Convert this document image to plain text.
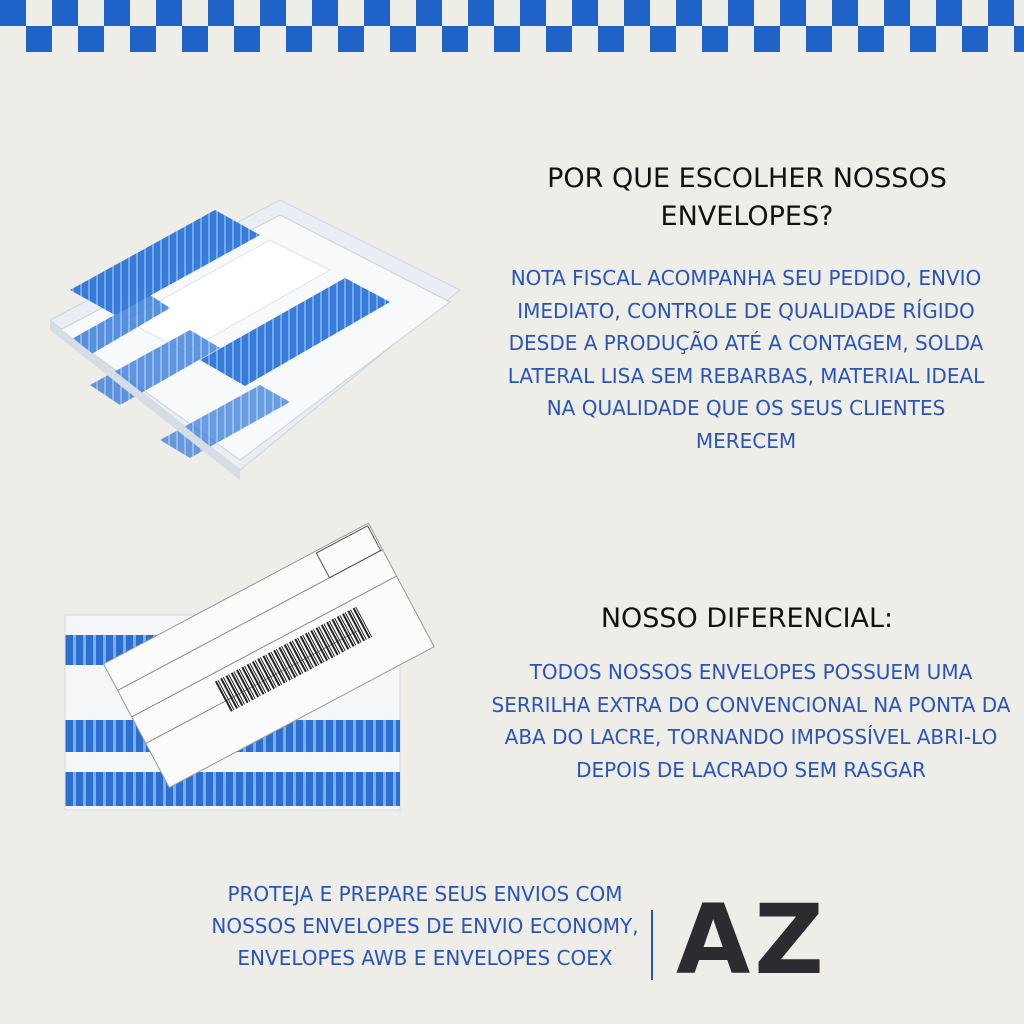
POR QUE ESCOLHER NOSSOS ENVELOPES?

NOTA FISCAL ACOMPANHA SEU PEDIDO, ENVIO IMEDIATO, CONTROLE DE QUALIDADE RÍGIDO DESDE A PRODUÇÃO ATÉ A CONTAGEM, SOLDA LATERAL LISA SEM REBARBAS, MATERIAL IDEAL NA QUALIDADE QUE OS SEUS CLIENTES MERECEM

NOSSO DIFERENCIAL:

TODOS NOSSOS ENVELOPES POSSUEM UMA SERRILHA EXTRA DO CONVENCIONAL NA PONTA DA ABA DO LACRE, TORNANDO IMPOSSÍVEL ABRI-LO DEPOIS DE LACRADO SEM RASGAR

PROTEJA E PREPARE SEUS ENVIOS COM NOSSOS ENVELOPES DE ENVIO ECONOMY, ENVELOPES AWB E ENVELOPES COEX AZ
